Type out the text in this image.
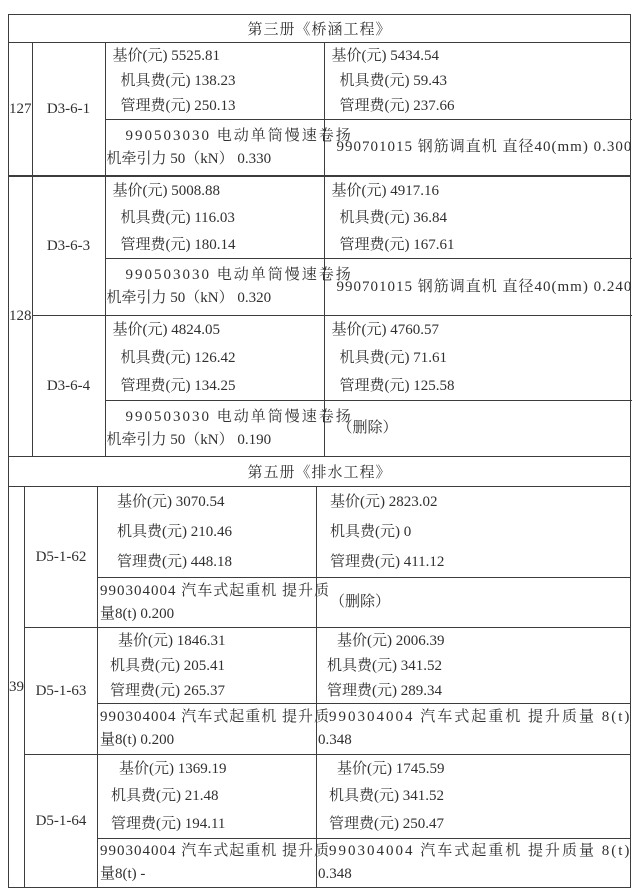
第三册《桥涵工程》
127 D3-6-1
基价(元) 5525.81
机具费(元) 138.23
管理费(元) 250.13
基价(元) 5434.54
机具费(元) 59.43
管理费(元) 237.66
990503030 电动单筒慢速卷扬
机牵引力 50（kN） 0.330
990701015 钢筋调直机 直径40(mm) 0.300
128
D3-6-3
基价(元) 5008.88
机具费(元) 116.03
管理费(元) 180.14
基价(元) 4917.16
机具费(元) 36.84
管理费(元) 167.61
990503030 电动单筒慢速卷扬
机牵引力 50（kN） 0.320
990701015 钢筋调直机 直径40(mm) 0.240
D3-6-4
基价(元) 4824.05
机具费(元) 126.42
管理费(元) 134.25
基价(元) 4760.57
机具费(元) 71.61
管理费(元) 125.58
990503030 电动单筒慢速卷扬
机牵引力 50（kN） 0.190
（删除）
第五册《排水工程》
39
D5-1-62
基价(元) 3070.54
机具费(元) 210.46
管理费(元) 448.18
基价(元) 2823.02
机具费(元) 0
管理费(元) 411.12
990304004 汽车式起重机 提升质
量8(t) 0.200
（删除）
D5-1-63
基价(元) 1846.31
机具费(元) 205.41
管理费(元) 265.37
基价(元) 2006.39
机具费(元) 341.52
管理费(元) 289.34
990304004 汽车式起重机 提升质
量8(t) 0.200
990304004 汽车式起重机 提升质量 8(t)
0.348
D5-1-64
基价(元) 1369.19
机具费(元) 21.48
管理费(元) 194.11
基价(元) 1745.59
机具费(元) 341.52
管理费(元) 250.47
990304004 汽车式起重机 提升质
量8(t) -
990304004 汽车式起重机 提升质量 8(t)
0.348
